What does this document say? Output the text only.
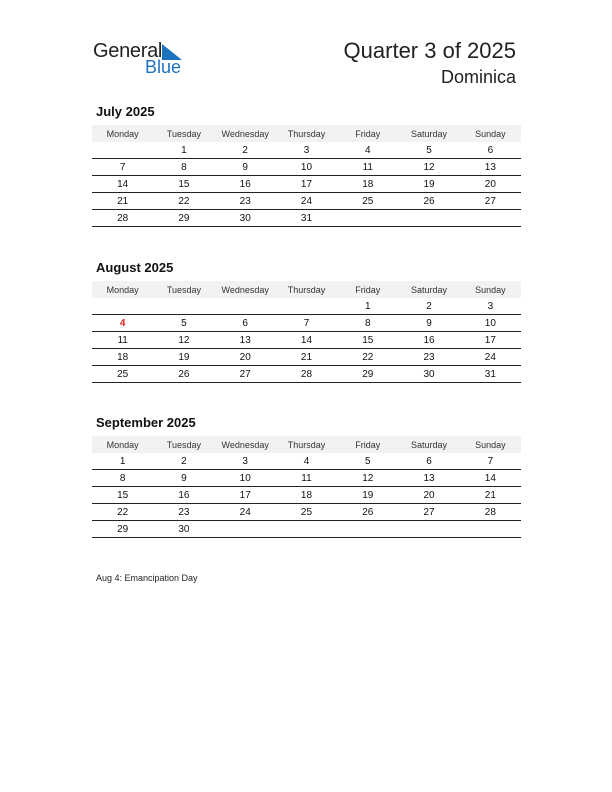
General
Blue
Quarter 3 of 2025
Dominica
July 2025
Monday	Tuesday	Wednesday	Thursday	Friday	Saturday	Sunday
	1	2	3	4	5	6
7	8	9	10	11	12	13
14	15	16	17	18	19	20
21	22	23	24	25	26	27
28	29	30	31			
August 2025
Monday	Tuesday	Wednesday	Thursday	Friday	Saturday	Sunday
				1	2	3
4	5	6	7	8	9	10
11	12	13	14	15	16	17
18	19	20	21	22	23	24
25	26	27	28	29	30	31
September 2025
Monday	Tuesday	Wednesday	Thursday	Friday	Saturday	Sunday
1	2	3	4	5	6	7
8	9	10	11	12	13	14
15	16	17	18	19	20	21
22	23	24	25	26	27	28
29	30					
Aug 4: Emancipation Day
